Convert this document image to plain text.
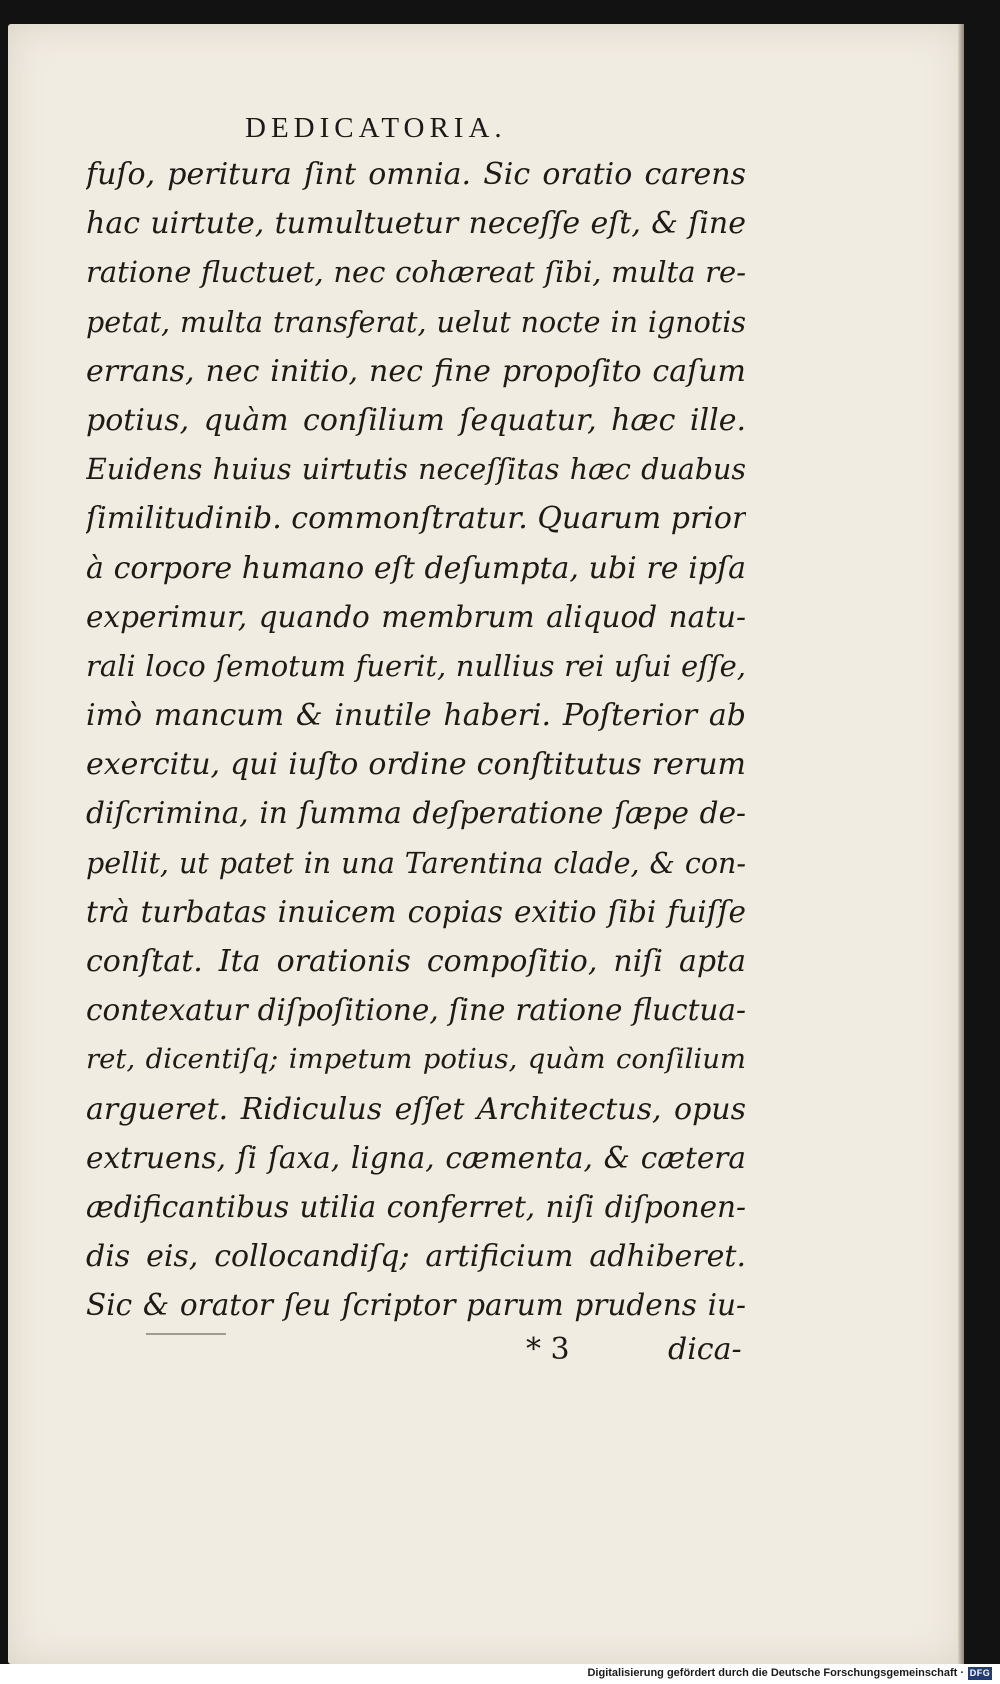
DEDICATORIA.
fuſo, peritura ſint omnia. Sic oratio carens
hac uirtute, tumultuetur neceſſe eſt, & ſine
ratione fluctuet, nec cohæreat ſibi, multa re-
petat, multa transferat, uelut nocte in ignotis
errans, nec initio, nec fine propoſito caſum
potius, quàm conſilium ſequatur, hæc ille.
Euidens huius uirtutis neceſſitas hæc duabus
ſimilitudinib. commonſtratur. Quarum prior
à corpore humano eſt deſumpta, ubi re ipſa
experimur, quando membrum aliquod natu-
rali loco ſemotum fuerit, nullius rei uſui eſſe,
imò mancum & inutile haberi. Poſterior ab
exercitu, qui iuſto ordine conſtitutus rerum
diſcrimina, in ſumma deſperatione ſæpe de-
pellit, ut patet in una Tarentina clade, & con-
trà turbatas inuicem copias exitio ſibi fuiſſe
conſtat. Ita orationis compoſitio, niſi apta
contexatur diſpoſitione, ſine ratione fluctua-
ret, dicentiſq; impetum potius, quàm conſilium
argueret. Ridiculus eſſet Architectus, opus
extruens, ſi ſaxa, ligna, cæmenta, & cætera
ædificantibus utilia conferret, niſi diſponen-
dis eis, collocandiſq; artificium adhiberet.
Sic & orator ſeu ſcriptor parum prudens iu-
* 3	dica-
Digitalisierung gefördert durch die Deutsche Forschungsgemeinschaft · DFG
